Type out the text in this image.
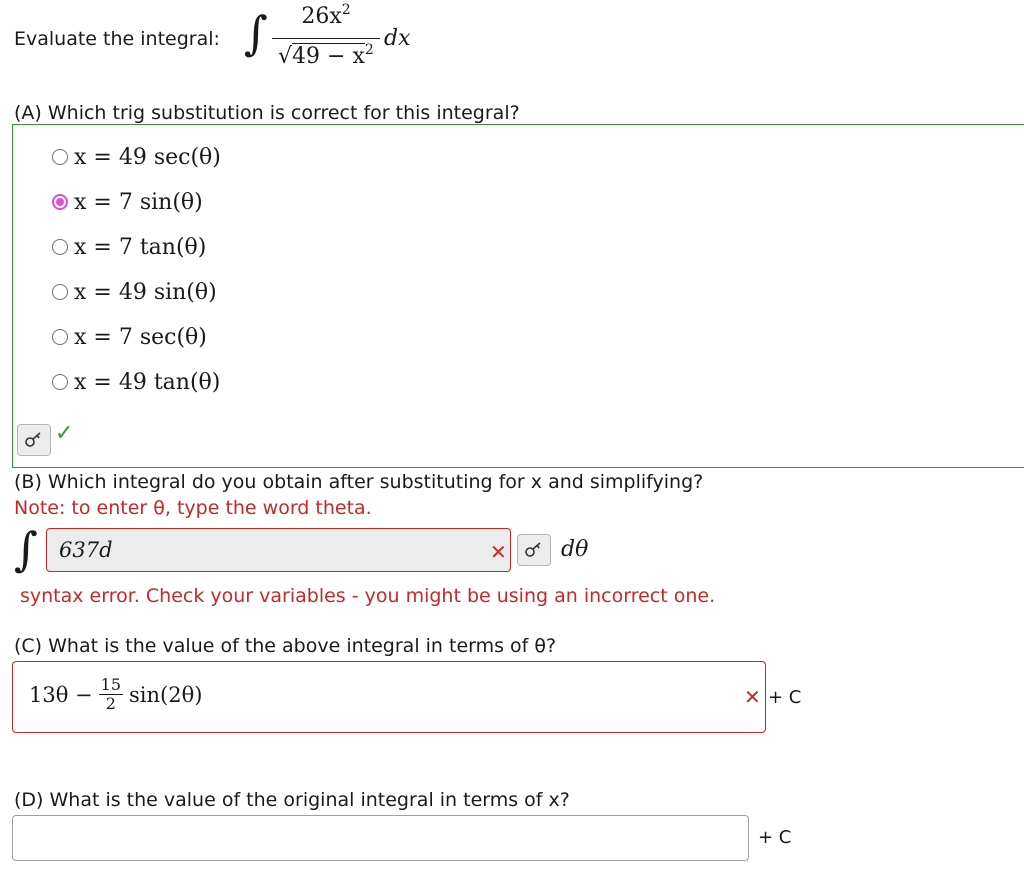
Evaluate the integral: ∫	$26x^2$
$√49 - x^2$ dx
(A) Which trig substitution is correct for this integral?
x = 49 sec(θ)
x = 7 sin(θ)
x = 7 tan(θ)
x = 49 sin(θ)
x = 7 sec(θ)
x = 49 tan(θ)
✓
(B) Which integral do you obtain after substituting for x and simplifying?
Note: to enter θ, type the word theta.
∫ 637d	✕ dθ
syntax error. Check your variables - you might be using an incorrect one.
(C) What is the value of the above integral in terms of θ?
$13\theta - \frac{15}{2} \sin(2\theta)$	✕ + C
(D) What is the value of the original integral in terms of x?
+ C
